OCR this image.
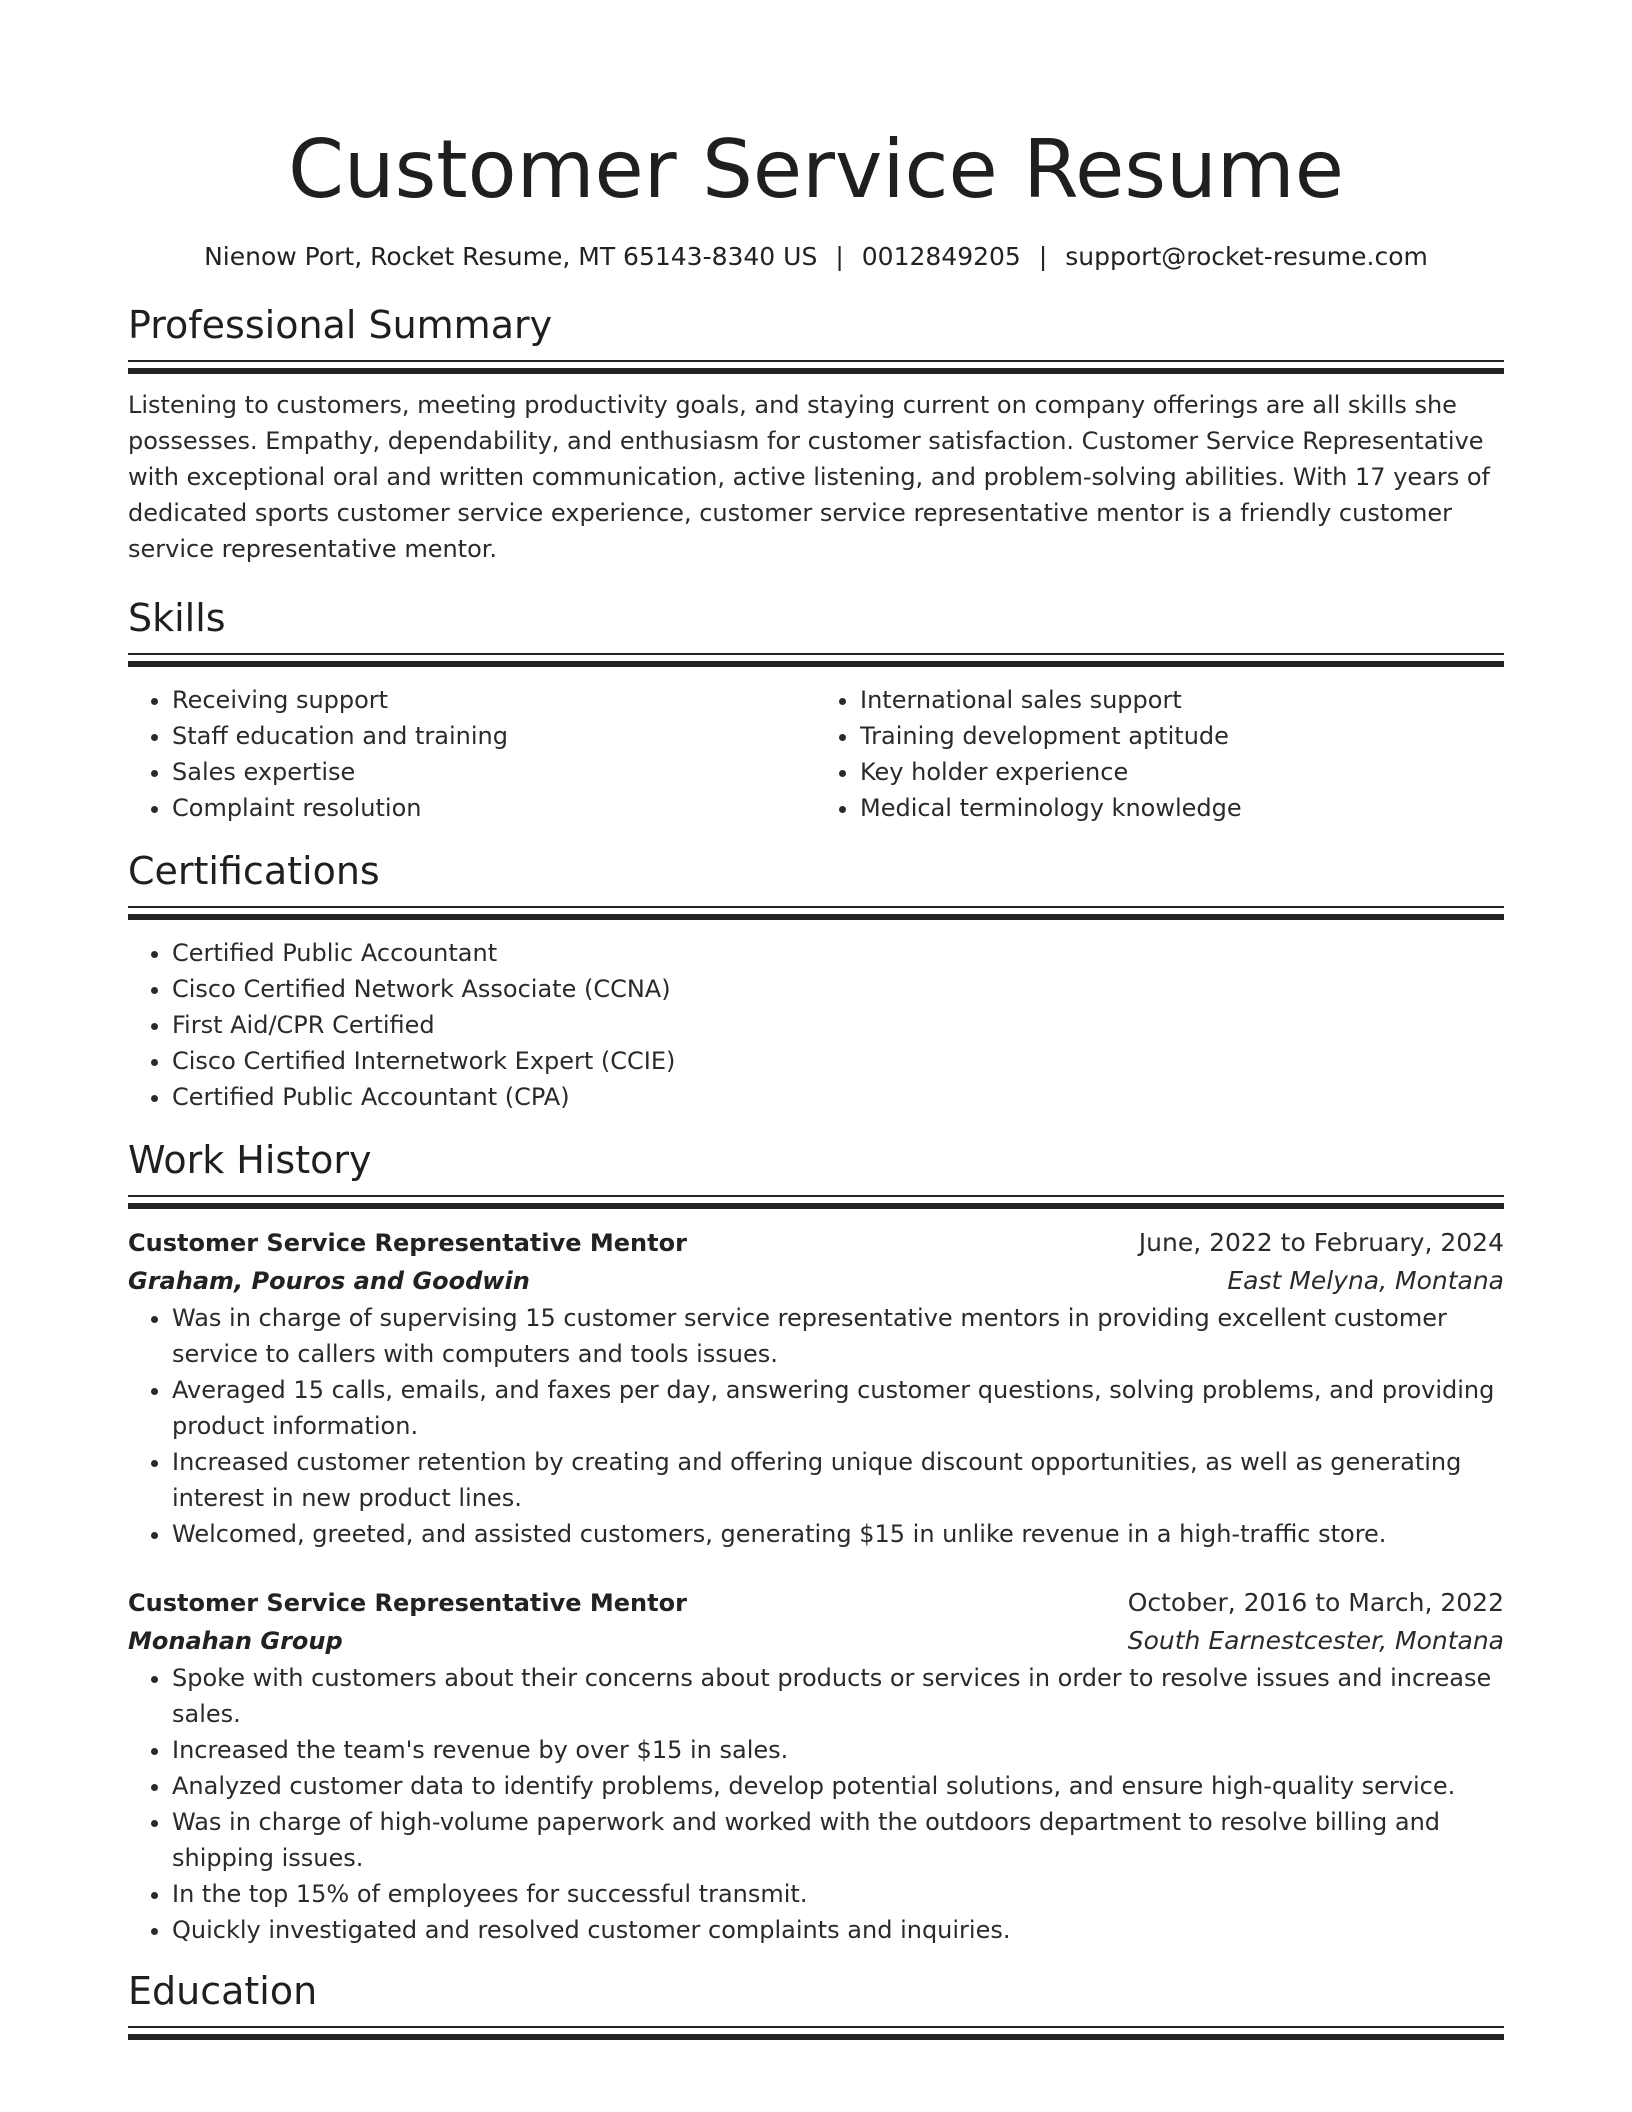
Customer Service Resume
Nienow Port, Rocket Resume, MT 65143-8340 US | 0012849205 | support@rocket-resume.com
Professional Summary

Listening to customers, meeting productivity goals, and staying current on company offerings are all skills she possesses. Empathy, dependability, and enthusiasm for customer satisfaction. Customer Service Representative with exceptional oral and written communication, active listening, and problem-solving abilities. With 17 years of dedicated sports customer service experience, customer service representative mentor is a friendly customer service representative mentor.

Skills
• Receiving support
• Staff education and training
• Sales expertise
• Complaint resolution
• International sales support
• Training development aptitude
• Key holder experience
• Medical terminology knowledge
Certifications
• Certified Public Accountant
• Cisco Certified Network Associate (CCNA)
• First Aid/CPR Certified
• Cisco Certified Internetwork Expert (CCIE)
• Certified Public Accountant (CPA)
Work History
Customer Service Representative Mentor	June, 2022 to February, 2024
Graham, Pouros and Goodwin	East Melyna, Montana
• Was in charge of supervising 15 customer service representative mentors in providing excellent customer service to callers with computers and tools issues.
• Averaged 15 calls, emails, and faxes per day, answering customer questions, solving problems, and providing product information.
• Increased customer retention by creating and offering unique discount opportunities, as well as generating interest in new product lines.
• Welcomed, greeted, and assisted customers, generating $15 in unlike revenue in a high-traffic store.
Customer Service Representative Mentor	October, 2016 to March, 2022
Monahan Group	South Earnestcester, Montana
• Spoke with customers about their concerns about products or services in order to resolve issues and increase sales.
• Increased the team's revenue by over $15 in sales.
• Analyzed customer data to identify problems, develop potential solutions, and ensure high-quality service.
• Was in charge of high-volume paperwork and worked with the outdoors department to resolve billing and shipping issues.
• In the top 15% of employees for successful transmit.
• Quickly investigated and resolved customer complaints and inquiries.
Education
